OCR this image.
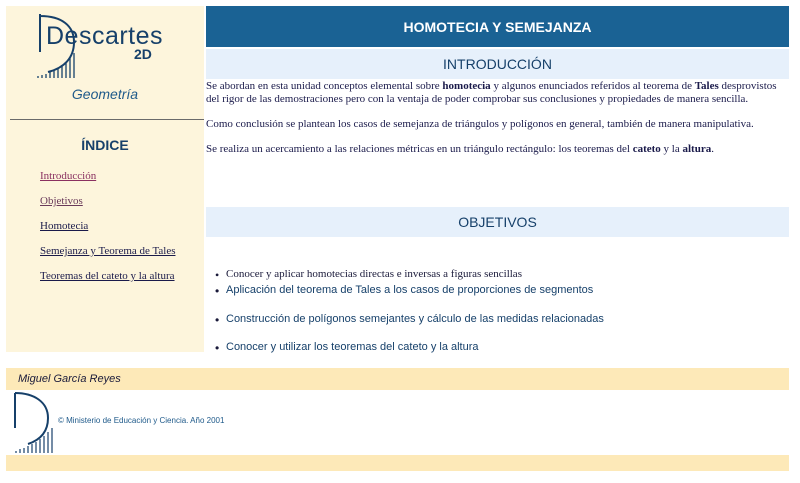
Descartes
2D
Geometría
ÍNDICE
Introducción
Objetivos
Homotecia
Semejanza y Teorema de Tales
Teoremas del cateto y la altura
HOMOTECIA Y SEMEJANZA
INTRODUCCIÓN

Se abordan en esta unidad conceptos elemental sobre homotecia y algunos enunciados referidos al teorema de Tales desprovistos del rigor de las demostraciones pero con la ventaja de poder comprobar sus conclusiones y propiedades de manera sencilla.

Como conclusión se plantean los casos de semejanza de triángulos y polígonos en general, también de manera manipulativa.

Se realiza un acercamiento a las relaciones métricas en un triángulo rectángulo: los teoremas del cateto y la altura.

OBJETIVOS
• Conocer y aplicar homotecias directas e inversas a figuras sencillas
• Aplicación del teorema de Tales a los casos de proporciones de segmentos
• Construcción de polígonos semejantes y cálculo de las medidas relacionadas
• Conocer y utilizar los teoremas del cateto y la altura
Miguel García Reyes
© Ministerio de Educación y Ciencia. Año 2001
